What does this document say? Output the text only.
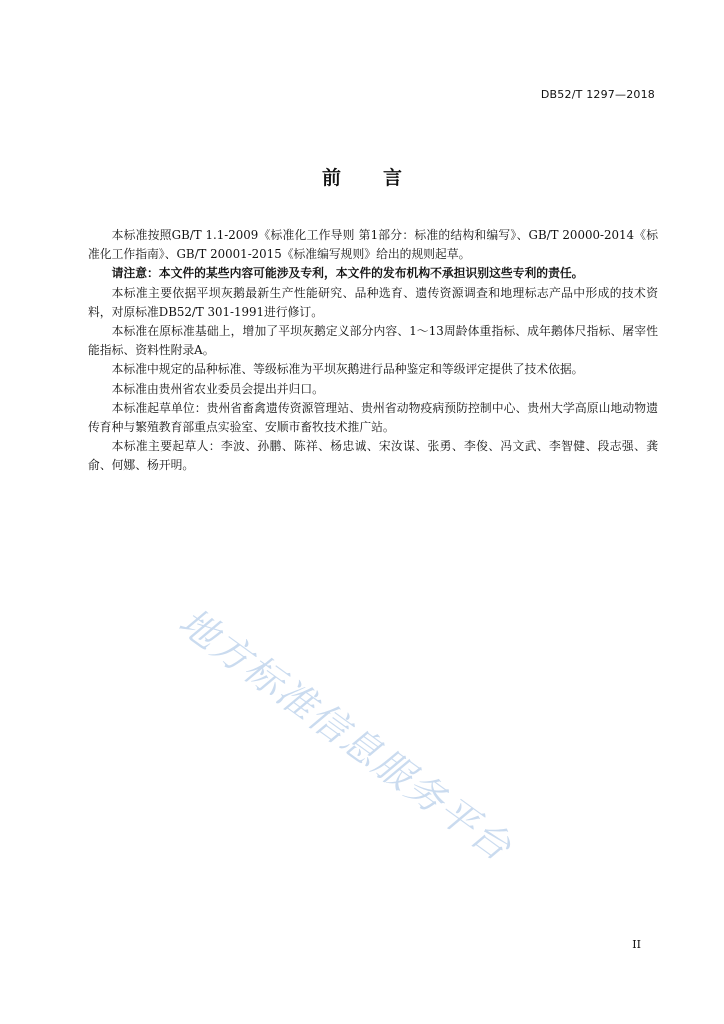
DB52/T 1297—2018
前 言

本标准按照GB/T 1.1-2009《标准化工作导则 第1部分：标准的结构和编写》、GB/T 20000-2014《标准化工作指南》、GB/T 20001-2015《标准编写规则》给出的规则起草。

请注意：本文件的某些内容可能涉及专利，本文件的发布机构不承担识别这些专利的责任。

本标准主要依据平坝灰鹅最新生产性能研究、品种选育、遗传资源调查和地理标志产品中形成的技术资料，对原标准DB52/T 301-1991进行修订。

本标准在原标准基础上，增加了平坝灰鹅定义部分内容、1～13周龄体重指标、成年鹅体尺指标、屠宰性能指标、资料性附录A。

本标准中规定的品种标准、等级标准为平坝灰鹅进行品种鉴定和等级评定提供了技术依据。

本标准由贵州省农业委员会提出并归口。

本标准起草单位：贵州省畜禽遗传资源管理站、贵州省动物疫病预防控制中心、贵州大学高原山地动物遗传育种与繁殖教育部重点实验室、安顺市畜牧技术推广站。

本标准主要起草人：李波、孙鹏、陈祥、杨忠诚、宋汝谋、张勇、李俊、冯文武、李智健、段志强、龚俞、何娜、杨开明。

地方标准信息服务平台
II
